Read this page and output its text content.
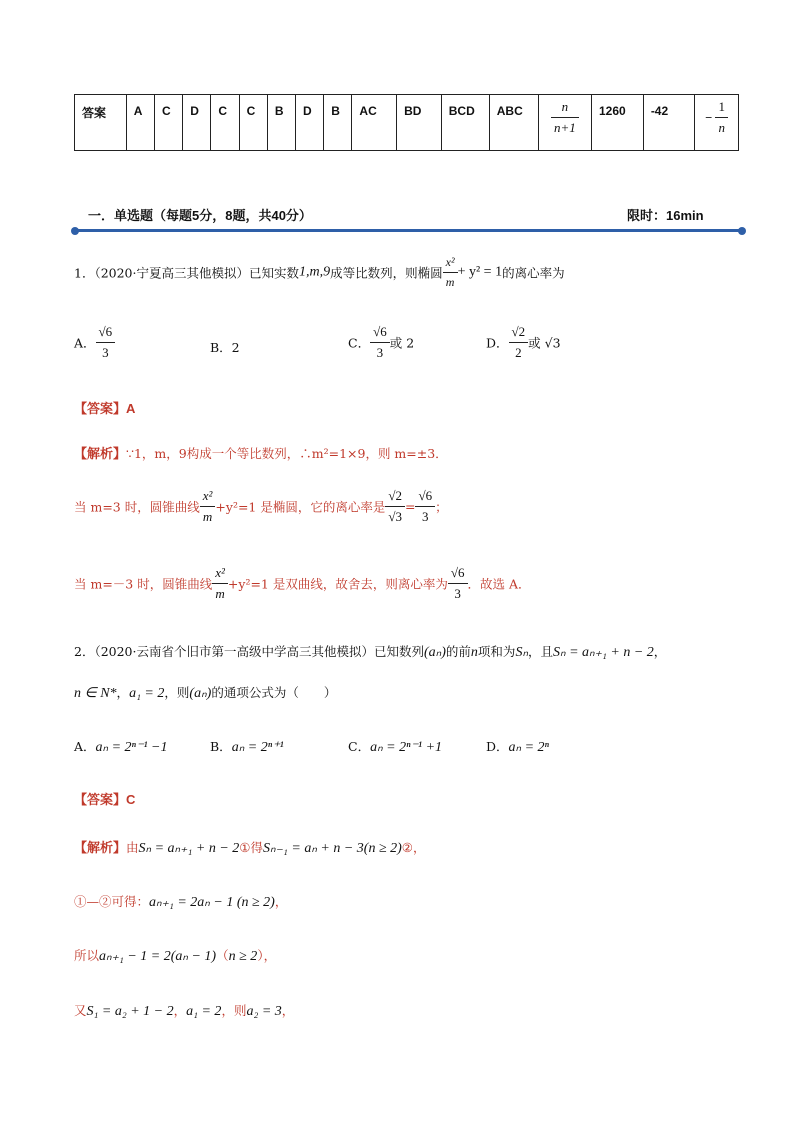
答案	A	C	D	C	C	B	D	B	AC	BD	BCD	ABC	$\frac{n}{n+1}$	1260	-42	− $\frac{1}{n}$
一．单选题（每题5分，8题，共40分）	限时：16min
1．（2020·宁夏高三其他模拟）已知实数1,m,9成等比数列，则椭圆 $\frac{\text{x²}}{m} + y^2 = 1$的离心率为
A． $\frac{√6}{3}$	B．2	C． $\frac{√6}{3}$ 或 2	D． $\frac{√2}{2}$ 或 √3
【答案】A
【解析】∵1，m，9构成一个等比数列，∴m²=1×9，则 m=±3．
当 m=3 时，圆锥曲线 $\frac{\text{x²}}{m} +y^2=1$ 是椭圆，它的离心率是 $\frac{√2}{√3} = \frac{√6}{3}$ ；
当 m=－3 时，圆锥曲线 $\frac{\text{x²}}{m} +y^2=1$ 是双曲线，故舍去，则离心率为 $\frac{√6}{3}$ ．故选 A．
2．（2020·云南省个旧市第一高级中学高三其他模拟）已知数列(aₙ)的前n项和为Sₙ，且Sₙ = aₙ₊₁ + n − 2，
n ∈ N*，a₁ = 2，则(aₙ)的通项公式为（　　）
A．aₙ = 2ⁿ⁻¹ −1	B．aₙ = 2ⁿ⁺¹	C．aₙ = 2ⁿ⁻¹ +1	D．aₙ = 2ⁿ
【答案】C
【解析】由Sₙ = aₙ₊₁ + n − 2①得Sₙ₋₁ = aₙ + n − 3(n ≥ 2)②，
①—②可得：aₙ₊₁ = 2aₙ − 1 (n ≥ 2)，
所以aₙ₊₁ − 1 = 2(aₙ − 1)（n ≥ 2），
又S₁ = a₂ + 1 − 2，a₁ = 2，则a₂ = 3，
